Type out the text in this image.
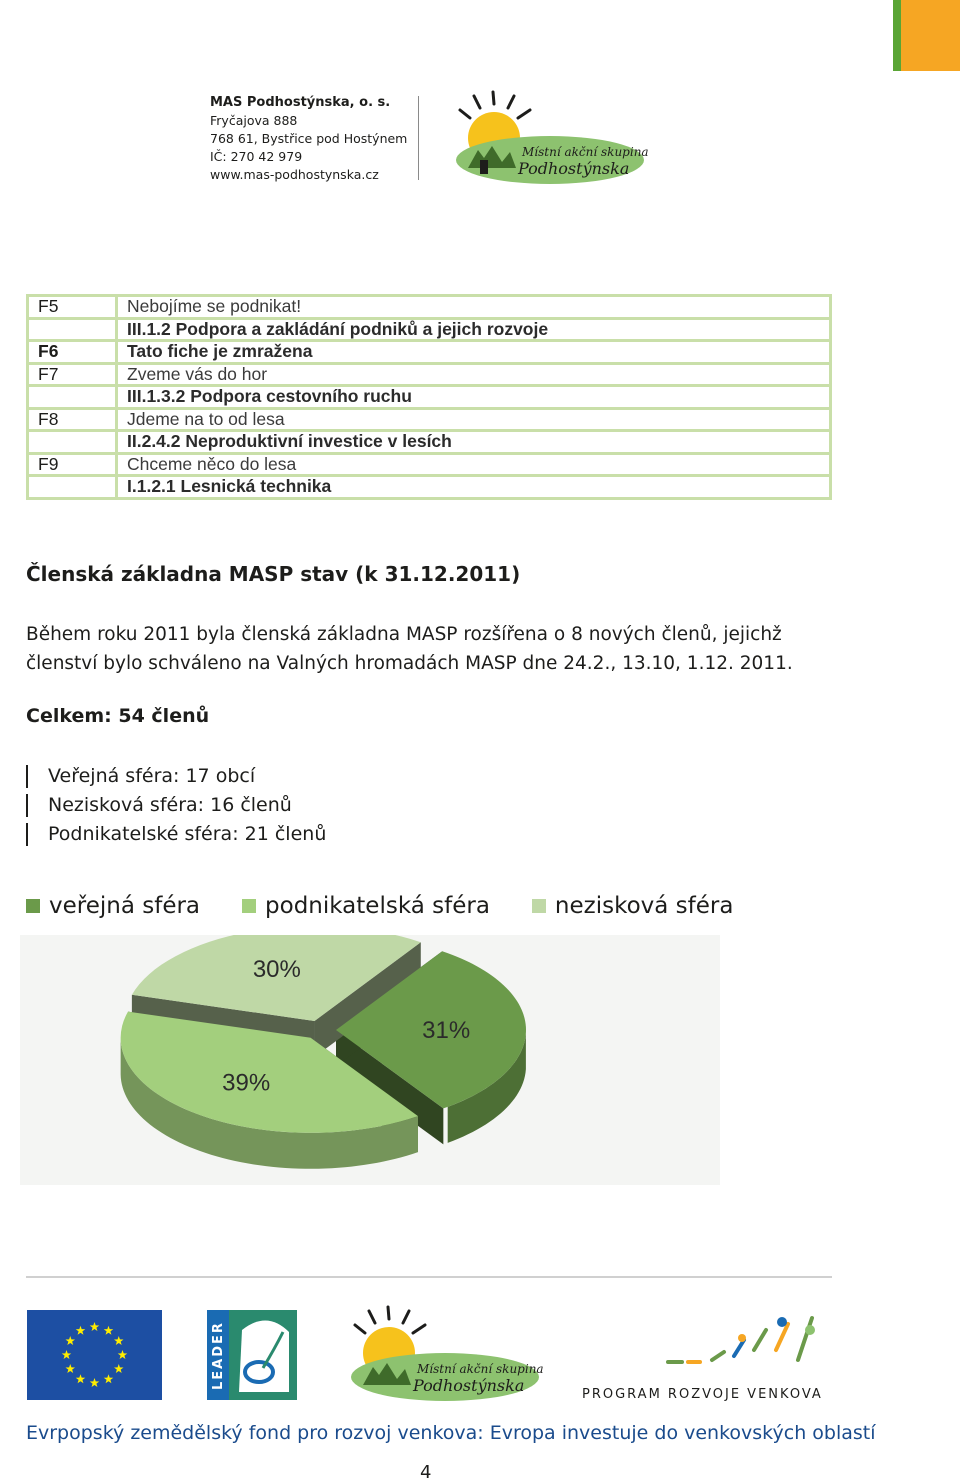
MAS Podhostýnska, o. s.
Fryčajova 888
768 61, Bystřice pod Hostýnem
IČ: 270 42 979
www.mas-podhostynska.cz
Místní akční skupina
Podhostýnska
F5	Nebojíme se podnikat!
	III.1.2 Podpora a zakládání podniků a jejich rozvoje
F6	Tato fiche je zmražena
F7	Zveme vás do hor
	III.1.3.2 Podpora cestovního ruchu
F8	Jdeme na to od lesa
	II.2.4.2 Neproduktivní investice v lesích
F9	Chceme něco do lesa
	I.1.2.1 Lesnická technika
Členská základna MASP stav (k 31.12.2011)
Během roku 2011 byla členská základna MASP rozšířena o 8 nových členů, jejichž členství bylo schváleno na Valných hromadách MASP dne 24.2., 13.10, 1.12. 2011.
Celkem: 54 členů
Veřejná sféra: 17 obcí
Nezisková sféra: 16 členů
Podnikatelské sféra: 21 členů
veřejná sféra	podnikatelská sféra	nezisková sféra
30%
31%
39%
LEADER	Místní akční skupina
Podhostýnska	PROGRAM ROZVOJE VENKOVA
Evrpopský zemědělský fond pro rozvoj venkova: Evropa investuje do venkovských oblastí
4
